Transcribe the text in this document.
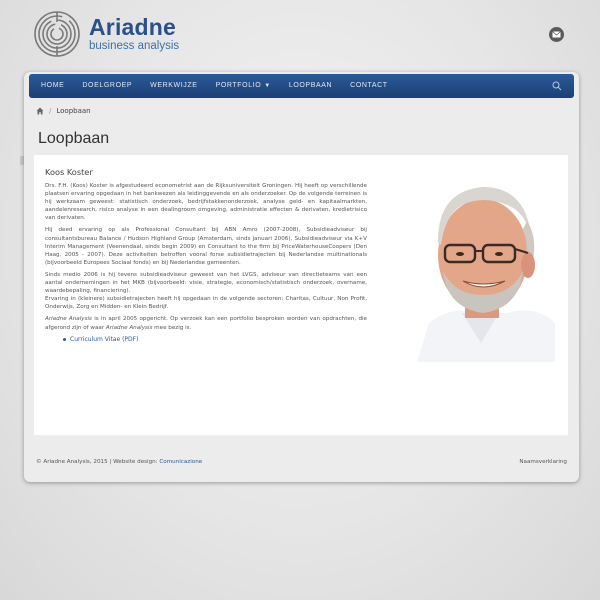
Ariadne
business analysis
HOME	DOELGROEP	WERKWIJZE	PORTFOLIO ▼	LOOPBAAN	CONTACT
/ Loopbaan
Loopbaan
Koos Koster

Drs. F.H. (Koos) Koster is afgestudeerd econometrist aan de Rijksuniversiteit Groningen. Hij heeft op verschillende plaatsen ervaring opgedaan in het bankwezen als leidinggevende en als onderzoeker. Op de volgende terreinen is hij werkzaam geweest: statistisch onderzoek, bedrijfstakkenonderzoek, analyse geld- en kapitaalmarkten, aandelenresearch, risico analyse in een dealingroom omgeving, administratie effecten & derivaten, kredietrisico van derivaten.

Hij deed ervaring op als Professional Consultant bij ABN Amro (2007-2008), Subsidieadviseur bij consultantsbureau Balance / Hudson Highland Group (Amsterdam, sinds januari 2006), Subsidieadviseur via K+V Interim Management (Veenendaal, sinds begin 2009) en Consultant to the firm bij PriceWaterhouseCoopers (Den Haag, 2005 - 2007). Deze activiteiten betroffen vooral forse subsidietrajecten bij Nederlandse multinationals (bijvoorbeeld Europees Sociaal fonds) en bij Nederlandse gemeenten.

Sinds medio 2006 is hij tevens subsidieadviseur geweest van het LVGS, adviseur van directieteams van een aantal ondernemingen in het MKB (bijvoorbeeld: visie, strategie, economisch/statistisch onderzoek, overname, waardebepaling, financiering).

Ervaring in (kleinere) subsidietrajecten heeft hij opgedaan in de volgende sectoren: Charitas, Cultuur, Non Profit, Onderwijs, Zorg en Midden- en Klein Bedrijf.

Ariadne Analysis is in april 2005 opgericht. Op verzoek kan een portfolio besproken worden van opdrachten, die afgerond zijn of waar Ariadne Analysis mee bezig is.

Curriculum Vitae (PDF)
© Ariadne Analysis, 2015 | Website design: Comunicazione	Naamsverklaring
